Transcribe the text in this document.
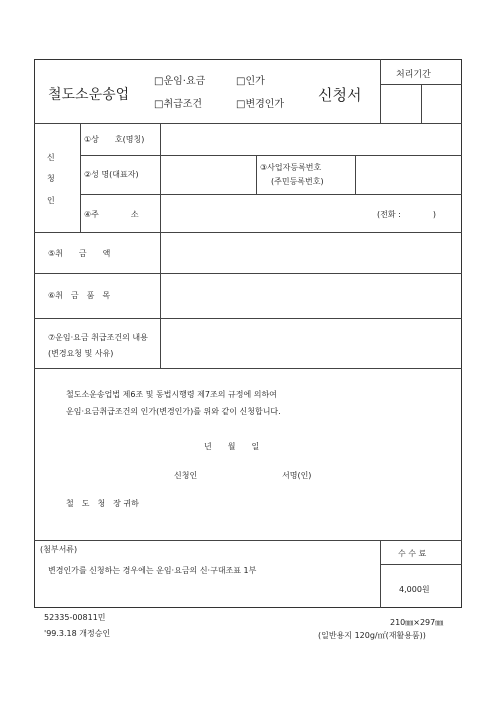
철도소운송업
□운임·요금	□인가
□취급조건	□변경인가
신청서
처리기간
신
청
인
①상　　호(명칭)
②성 명(대표자)
③사업자등록번호
(주민등록번호)
④주　　　　소	(전화 :　　　　)
⑤취　　금　　액
⑥취　금　품　목
⑦운임·요금 취급조건의 내용
(변경요청 및 사유)
철도소운송업법 제6조 및 동법시행령 제7조의 규정에 의하여
운임·요금취급조건의 인가(변경인가)를 위와 같이 신청합니다.
년　　월　　일
신청인	서명(인)
철　도　청　장 귀하
(첨부서류)
변경인가를 신청하는 경우에는 운임·요금의 신·구대조표 1부
수 수 료
4,000원
52335-00811민
'99.3.18 개정승인
210㎜×297㎜
(일반용지 120g/㎡(재활용품))
